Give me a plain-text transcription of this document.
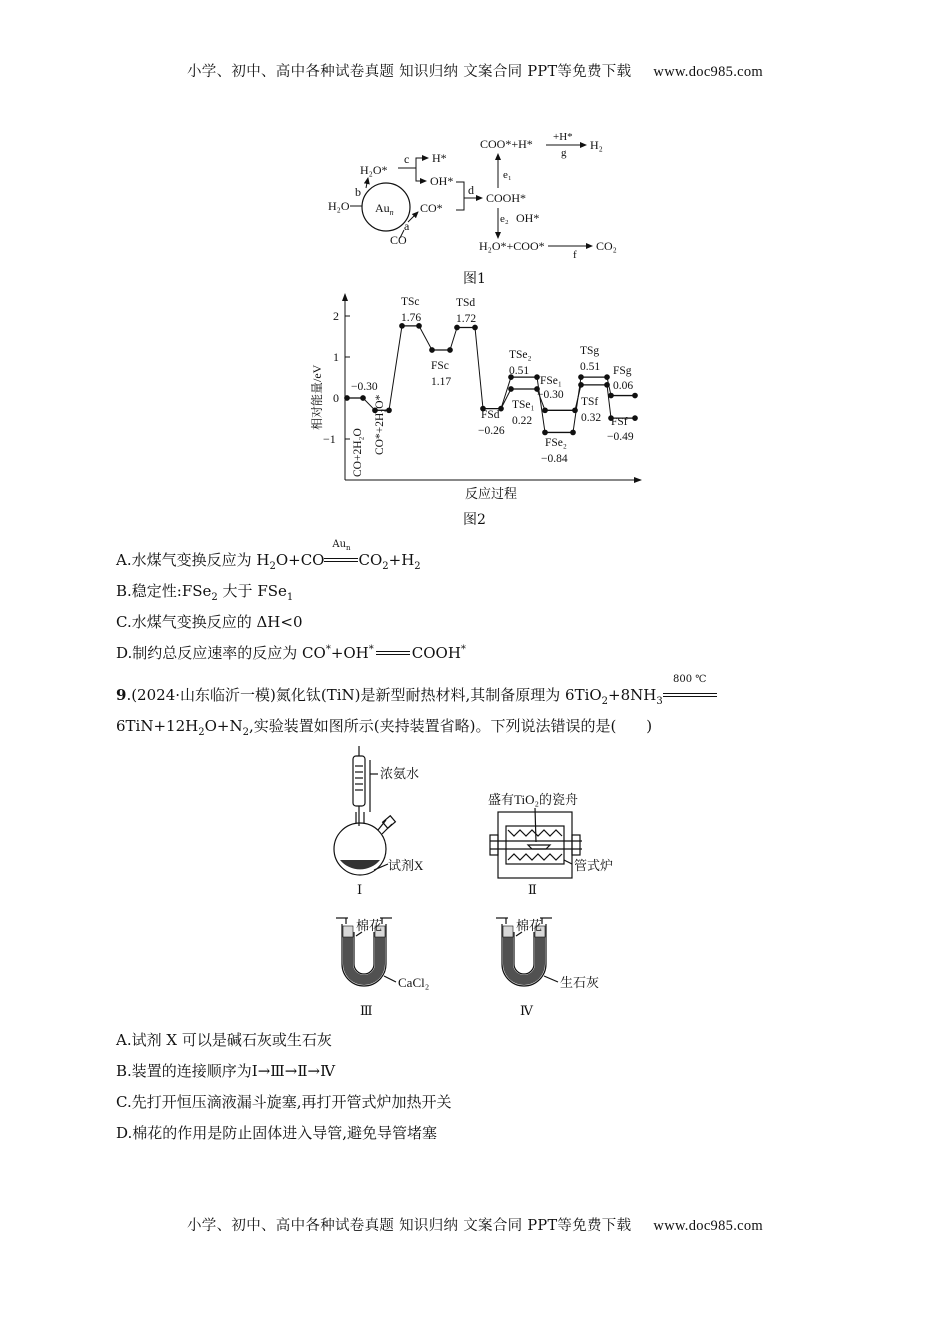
小学、初中、高中各种试卷真题 知识归纳 文案合同 PPT等免费下载 www.doc985.com
$Au_n$
H₂O
CO
H₂O*
CO*
b
a
c H*
OH*
d
COOH*
COO*+H* +H*
g
H₂
e₁
e₂ OH*
H₂O*+COO*
f
CO₂
图1
2
1
0
−1
相对能量/eV
反应过程
CO+2H₂O CO*+2H₂O*
−0.30
TSc
1.76
FSc
1.17
TSd
1.72
FSd
−0.26
TSe₂
0.51
TSe₁
0.22
FSe₁
−0.30
FSe₂
−0.84
TSg
0.51
TSf
0.32
FSg
0.06
FSf
−0.49
图2
A.水煤气变换反应为 $H_2O+CO$
$Au_n$
$CO_2+H_2$
B.稳定性:FSe$_2$ 大于 FSe$_1$
C.水煤气变换反应的 ΔH<0
D.制约总反应速率的反应为 CO*+OH*	COOH*
9.(2024·山东临沂一模)氮化钛(TiN)是新型耐热材料,其制备原理为 $6TiO_2+8NH_3$
800 ℃
$6TiN+12H_2O+N_2$,实验装置如图所示(夹持装置省略)。下列说法错误的是(　　)
浓氨水
试剂X
Ⅰ
盛有TiO₂的瓷舟
管式炉
Ⅱ
棉花
CaCl₂
Ⅲ
棉花
生石灰
Ⅳ
A.试剂 X 可以是碱石灰或生石灰
B.装置的连接顺序为Ⅰ→Ⅲ→Ⅱ→Ⅳ
C.先打开恒压滴液漏斗旋塞,再打开管式炉加热开关
D.棉花的作用是防止固体进入导管,避免导管堵塞
小学、初中、高中各种试卷真题 知识归纳 文案合同 PPT等免费下载 www.doc985.com
